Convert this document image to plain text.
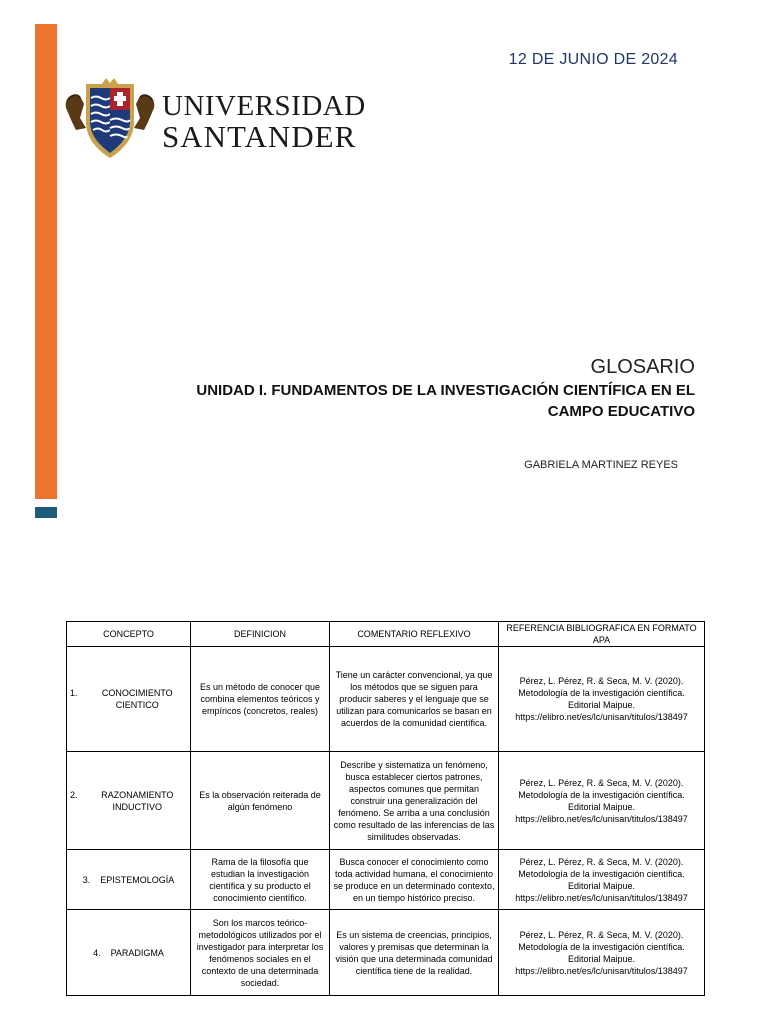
12 DE JUNIO DE 2024
UNIVERSIDAD
SANTANDER
GLOSARIO
UNIDAD I. FUNDAMENTOS DE LA INVESTIGACIÓN CIENTÍFICA EN EL
CAMPO EDUCATIVO
GABRIELA MARTINEZ REYES
CONCEPTO	DEFINICION	COMENTARIO REFLEXIVO	REFERENCIA BIBLIOGRAFICA EN FORMATO APA

1. CONOCIMIENTO CIENTICO	Es un método de conocer que combina elementos teóricos y empíricos (concretos, reales)	Tiene un carácter convencional, ya que los métodos que se siguen para producir saberes y el lenguaje que se utilizan para comunicarlos se basan en acuerdos de la comunidad científica.	Pérez, L. Pérez, R. & Seca, M. V. (2020). Metodología de la investigación científica. Editorial Maipue. https://elibro.net/es/lc/unisan/titulos/138497

2. RAZONAMIENTO INDUCTIVO	Es la observación reiterada de algún fenómeno	Describe y sistematiza un fenómeno, busca establecer ciertos patrones, aspectos comunes que permitan construir una generalización del fenómeno. Se arriba a una conclusión como resultado de las inferencias de las similitudes observadas.	Pérez, L. Pérez, R. & Seca, M. V. (2020). Metodología de la investigación científica. Editorial Maipue. https://elibro.net/es/lc/unisan/titulos/138497

3. EPISTEMOLOGÍA	Rama de la filosofía que estudian la investigación científica y su producto el conocimiento científico.	Busca conocer el conocimiento como toda actividad humana, el conocimiento se produce en un determinado contexto, en un tiempo histórico preciso.	Pérez, L. Pérez, R. & Seca, M. V. (2020). Metodología de la investigación científica. Editorial Maipue. https://elibro.net/es/lc/unisan/titulos/138497

4. PARADIGMA	Son los marcos teórico-metodológicos utilizados por el investigador para interpretar los fenómenos sociales en el contexto de una determinada sociedad.	Es un sistema de creencias, principios, valores y premisas que determinan la visión que una determinada comunidad científica tiene de la realidad.	Pérez, L. Pérez, R. & Seca, M. V. (2020). Metodología de la investigación científica. Editorial Maipue. https://elibro.net/es/lc/unisan/titulos/138497
